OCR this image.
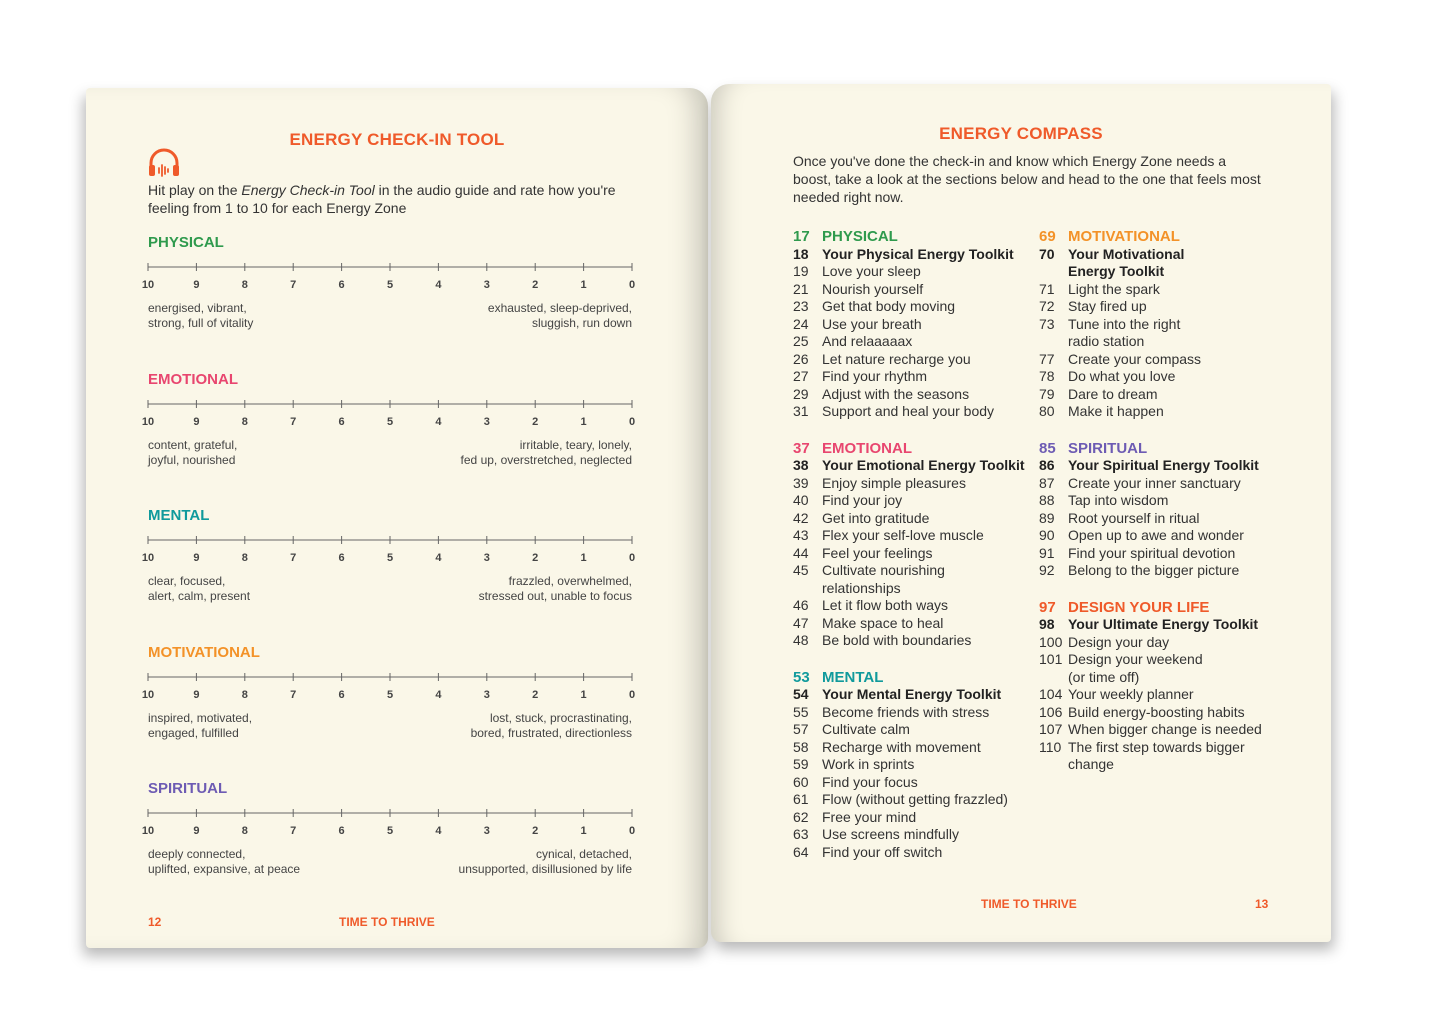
ENERGY CHECK-IN TOOL
Hit play on the Energy Check-in Tool in the audio guide and rate how you're feeling from 1 to 10 for each Energy Zone
PHYSICAL
10	9	8	7	6	5	4	3	2	1	0
energised, vibrant,
strong, full of vitality
exhausted, sleep-deprived,
sluggish, run down
EMOTIONAL
10	9	8	7	6	5	4	3	2	1	0
content, grateful,
joyful, nourished
irritable, teary, lonely,
fed up, overstretched, neglected
MENTAL
10	9	8	7	6	5	4	3	2	1	0
clear, focused,
alert, calm, present
frazzled, overwhelmed,
stressed out, unable to focus
MOTIVATIONAL
10	9	8	7	6	5	4	3	2	1	0
inspired, motivated,
engaged, fulfilled
lost, stuck, procrastinating,
bored, frustrated, directionless
SPIRITUAL
10	9	8	7	6	5	4	3	2	1	0
deeply connected,
uplifted, expansive, at peace
cynical, detached,
unsupported, disillusioned by life
12	TIME TO THRIVE
ENERGY COMPASS
Once you've done the check-in and know which Energy Zone needs a boost, take a look at the sections below and head to the one that feels most needed right now.
17 PHYSICAL
18 Your Physical Energy Toolkit
19 Love your sleep
21 Nourish yourself
23 Get that body moving
24 Use your breath
25 And relaaaaax
26 Let nature recharge you
27 Find your rhythm
29 Adjust with the seasons
31 Support and heal your body
37 EMOTIONAL
38 Your Emotional Energy Toolkit
39 Enjoy simple pleasures
40 Find your joy
42 Get into gratitude
43 Flex your self-love muscle
44 Feel your feelings
45 Cultivate nourishing
relationships
46 Let it flow both ways
47 Make space to heal
48 Be bold with boundaries
53 MENTAL
54 Your Mental Energy Toolkit
55 Become friends with stress
57 Cultivate calm
58 Recharge with movement
59 Work in sprints
60 Find your focus
61 Flow (without getting frazzled)
62 Free your mind
63 Use screens mindfully
64 Find your off switch
69 MOTIVATIONAL
70 Your Motivational
Energy Toolkit
71 Light the spark
72 Stay fired up
73 Tune into the right
radio station
77 Create your compass
78 Do what you love
79 Dare to dream
80 Make it happen
85 SPIRITUAL
86 Your Spiritual Energy Toolkit
87 Create your inner sanctuary
88 Tap into wisdom
89 Root yourself in ritual
90 Open up to awe and wonder
91 Find your spiritual devotion
92 Belong to the bigger picture
97 DESIGN YOUR LIFE
98 Your Ultimate Energy Toolkit
100 Design your day
101 Design your weekend
(or time off)
104 Your weekly planner
106 Build energy-boosting habits
107 When bigger change is needed
110 The first step towards bigger
change
TIME TO THRIVE	13
